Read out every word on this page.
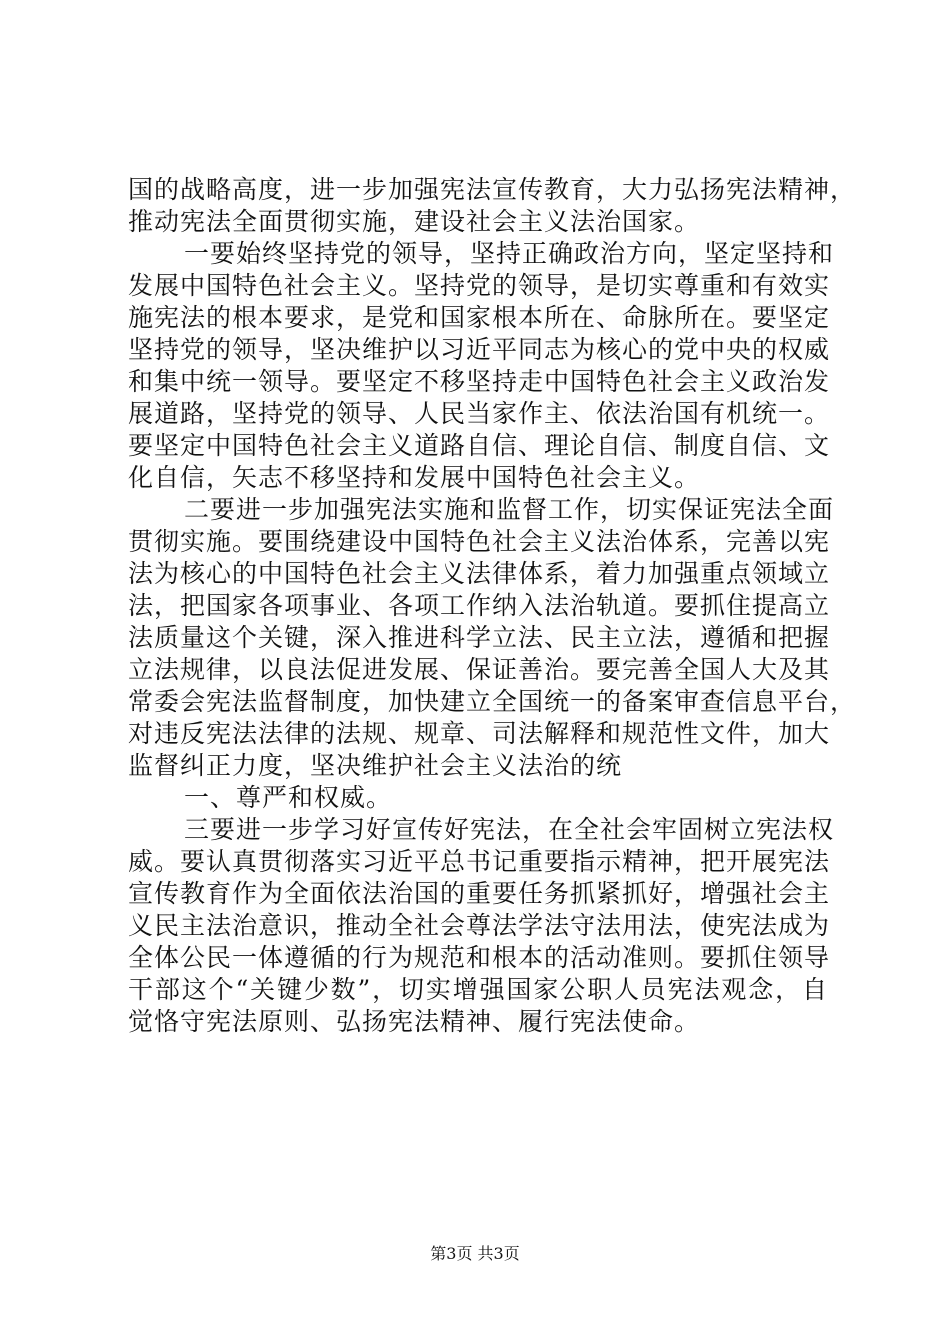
国的战略高度，进一步加强宪法宣传教育，大力弘扬宪法精神，
推动宪法全面贯彻实施，建设社会主义法治国家。
一要始终坚持党的领导，坚持正确政治方向，坚定坚持和
发展中国特色社会主义。坚持党的领导，是切实尊重和有效实
施宪法的根本要求，是党和国家根本所在、命脉所在。要坚定
坚持党的领导，坚决维护以习近平同志为核心的党中央的权威
和集中统一领导。要坚定不移坚持走中国特色社会主义政治发
展道路，坚持党的领导、人民当家作主、依法治国有机统一。
要坚定中国特色社会主义道路自信、理论自信、制度自信、文
化自信，矢志不移坚持和发展中国特色社会主义。
二要进一步加强宪法实施和监督工作，切实保证宪法全面
贯彻实施。要围绕建设中国特色社会主义法治体系，完善以宪
法为核心的中国特色社会主义法律体系，着力加强重点领域立
法，把国家各项事业、各项工作纳入法治轨道。要抓住提高立
法质量这个关键，深入推进科学立法、民主立法，遵循和把握
立法规律，以良法促进发展、保证善治。要完善全国人大及其
常委会宪法监督制度，加快建立全国统一的备案审查信息平台，
对违反宪法法律的法规、规章、司法解释和规范性文件，加大
监督纠正力度，坚决维护社会主义法治的统
一、尊严和权威。
三要进一步学习好宣传好宪法，在全社会牢固树立宪法权
威。要认真贯彻落实习近平总书记重要指示精神，把开展宪法
宣传教育作为全面依法治国的重要任务抓紧抓好，增强社会主
义民主法治意识，推动全社会尊法学法守法用法，使宪法成为
全体公民一体遵循的行为规范和根本的活动准则。要抓住领导
干部这个“关键少数”，切实增强国家公职人员宪法观念，自
觉恪守宪法原则、弘扬宪法精神、履行宪法使命。
第3页 共3页
